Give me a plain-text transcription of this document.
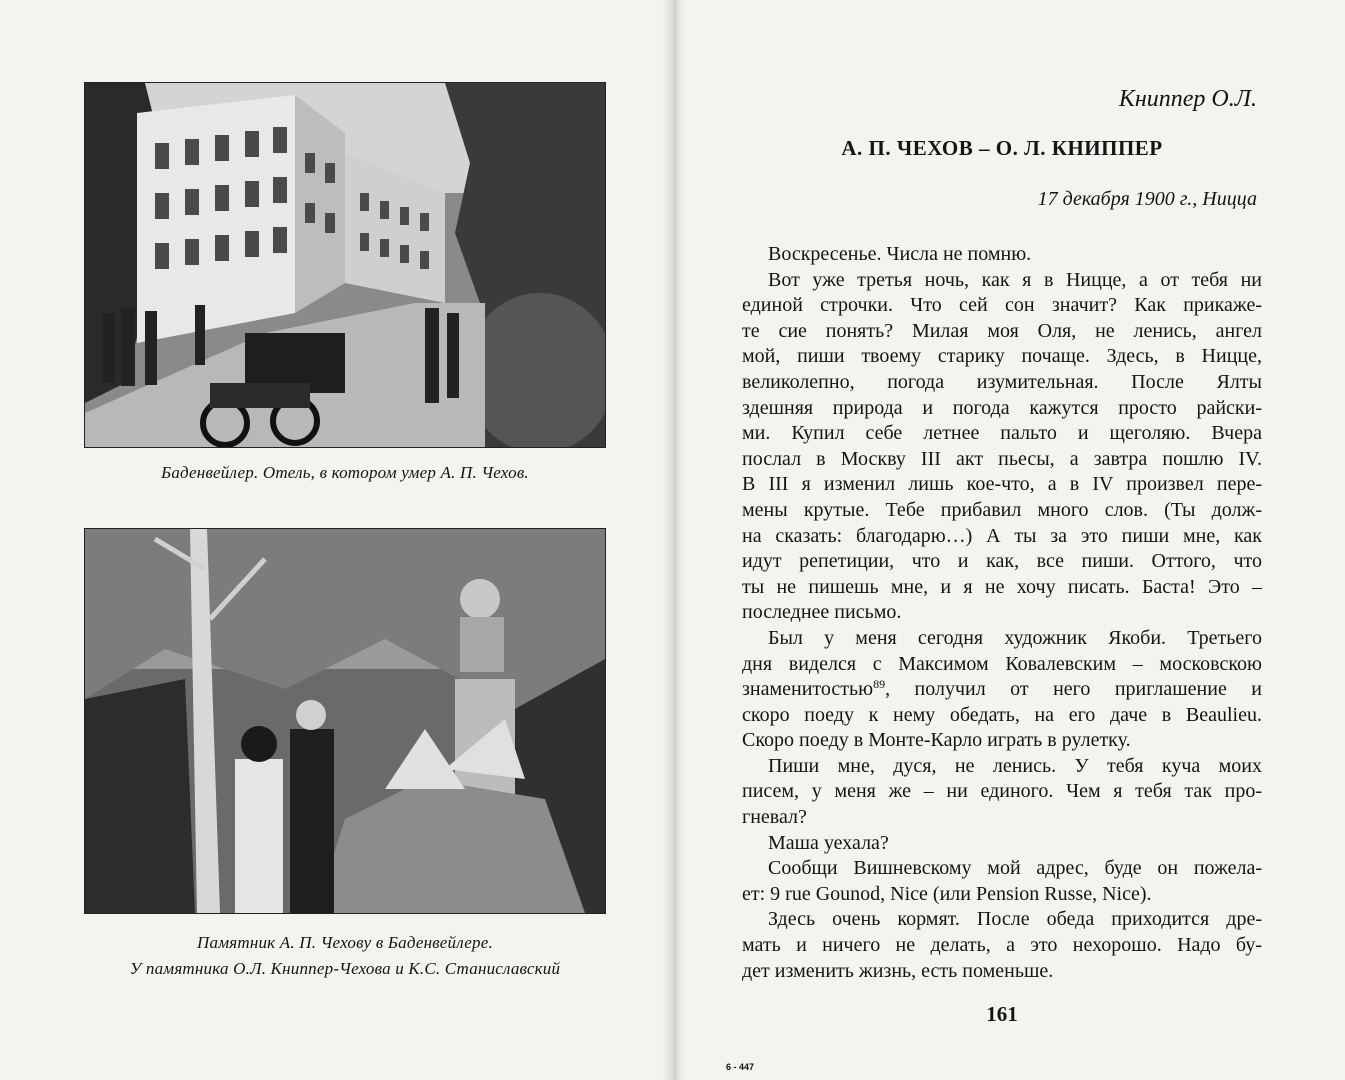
Баденвейлер. Отель, в котором умер А. П. Чехов.
Памятник А. П. Чехову в Баденвейлере.
У памятника О.Л. Книппер-Чехова и К.С. Станиславский
Книппер О.Л.
А. П. ЧЕХОВ – О. Л. КНИППЕР
17 декабря 1900 г., Ницца
Воскресенье. Числа не помню.
Вот уже третья ночь, как я в Ницце, а от тебя ни
единой строчки. Что сей сон значит? Как прикаже-
те сие понять? Милая моя Оля, не ленись, ангел
мой, пиши твоему старику почаще. Здесь, в Ницце,
великолепно, погода изумительная. После Ялты
здешняя природа и погода кажутся просто райски-
ми. Купил себе летнее пальто и щеголяю. Вчера
послал в Москву III акт пьесы, а завтра пошлю IV.
В III я изменил лишь кое-что, а в IV произвел пере-
мены крутые. Тебе прибавил много слов. (Ты долж-
на сказать: благодарю…) А ты за это пиши мне, как
идут репетиции, что и как, все пиши. Оттого, что
ты не пишешь мне, и я не хочу писать. Баста! Это –
последнее письмо.
Был у меня сегодня художник Якоби. Третьего
дня виделся с Максимом Ковалевским – московскою
знаменитостью$^{89}$, получил от него приглашение и
скоро поеду к нему обедать, на его даче в Beaulieu.
Скоро поеду в Монте-Карло играть в рулетку.
Пиши мне, дуся, не ленись. У тебя куча моих
писем, у меня же – ни единого. Чем я тебя так про-
гневал?
Маша уехала?
Сообщи Вишневскому мой адрес, буде он пожела-
ет: 9 rue Gounod, Nice (или Pension Russe, Nice).
Здесь очень кормят. После обеда приходится дре-
мать и ничего не делать, а это нехорошо. Надо бу-
дет изменить жизнь, есть поменьше.
161
6 - 447
